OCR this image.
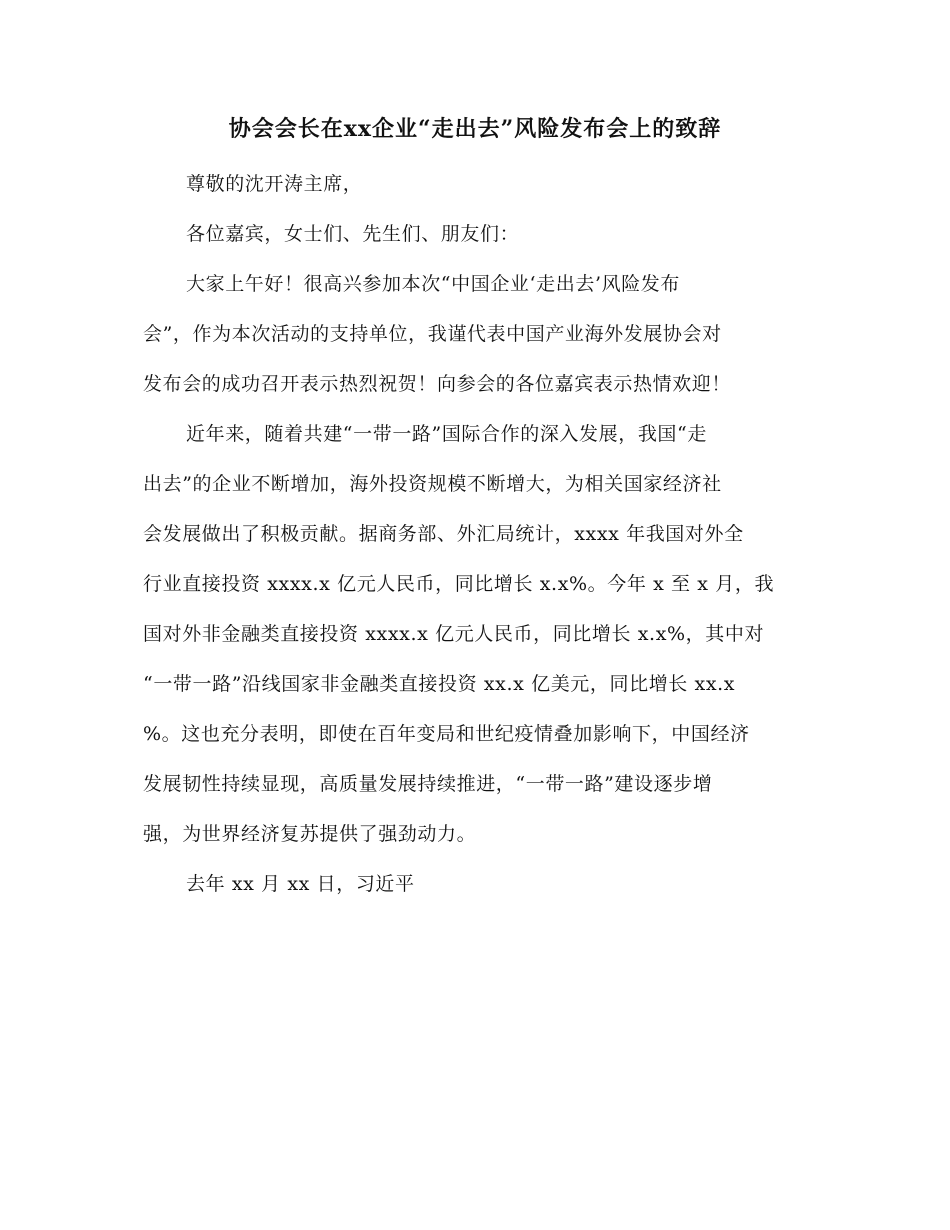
协会会长在xx企业“走出去”风险发布会上的致辞
尊敬的沈开涛主席，
各位嘉宾，女士们、先生们、朋友们：
大家上午好！很高兴参加本次“中国企业‘走出去’风险发布
会”，作为本次活动的支持单位，我谨代表中国产业海外发展协会对
发布会的成功召开表示热烈祝贺！向参会的各位嘉宾表示热情欢迎！
近年来，随着共建“一带一路”国际合作的深入发展，我国“走
出去”的企业不断增加，海外投资规模不断增大，为相关国家经济社
会发展做出了积极贡献。据商务部、外汇局统计，xxxx 年我国对外全
行业直接投资 xxxx.x 亿元人民币，同比增长 x.x%。今年 x 至 x 月，我
国对外非金融类直接投资 xxxx.x 亿元人民币，同比增长 x.x%，其中对
“一带一路”沿线国家非金融类直接投资 xx.x 亿美元，同比增长 xx.x
%。这也充分表明，即使在百年变局和世纪疫情叠加影响下，中国经济
发展韧性持续显现，高质量发展持续推进，“一带一路”建设逐步增
强，为世界经济复苏提供了强劲动力。
去年 xx 月 xx 日，习近平
